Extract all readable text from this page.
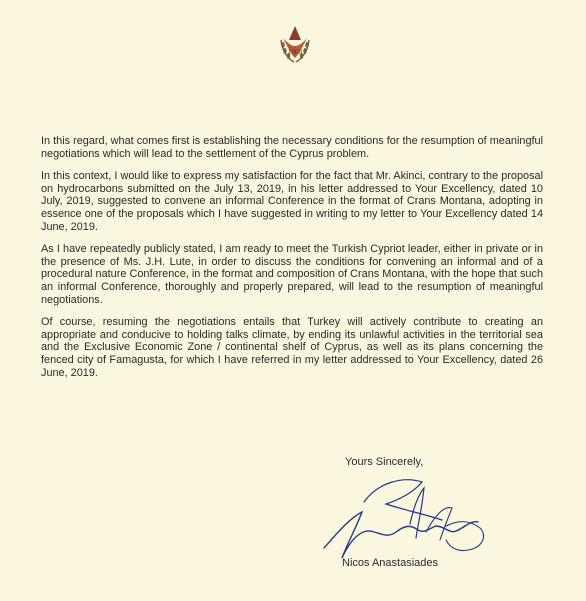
1960

In this regard, what comes first is establishing the necessary conditions for the resumption of meaningful negotiations which will lead to the settlement of the Cyprus problem.

In this context, I would like to express my satisfaction for the fact that Mr. Akinci, contrary to the proposal on hydrocarbons submitted on the July 13, 2019, in his letter addressed to Your Excellency, dated 10 July, 2019, suggested to convene an informal Conference in the format of Crans Montana, adopting in essence one of the proposals which I have suggested in writing to my letter to Your Excellency dated 14 June, 2019.

As I have repeatedly publicly stated, I am ready to meet the Turkish Cypriot leader, either in private or in the presence of Ms. J.H. Lute, in order to discuss the conditions for convening an informal and of a procedural nature Conference, in the format and composition of Crans Montana, with the hope that such an informal Conference, thoroughly and properly prepared, will lead to the resumption of meaningful negotiations.

Of course, resuming the negotiations entails that Turkey will actively contribute to creating an appropriate and conducive to holding talks climate, by ending its unlawful activities in the territorial sea and the Exclusive Economic Zone / continental shelf of Cyprus, as well as its plans concerning the fenced city of Famagusta, for which I have referred in my letter addressed to Your Excellency, dated 26 June, 2019.

Yours Sincerely,
Nicos Anastasiades
